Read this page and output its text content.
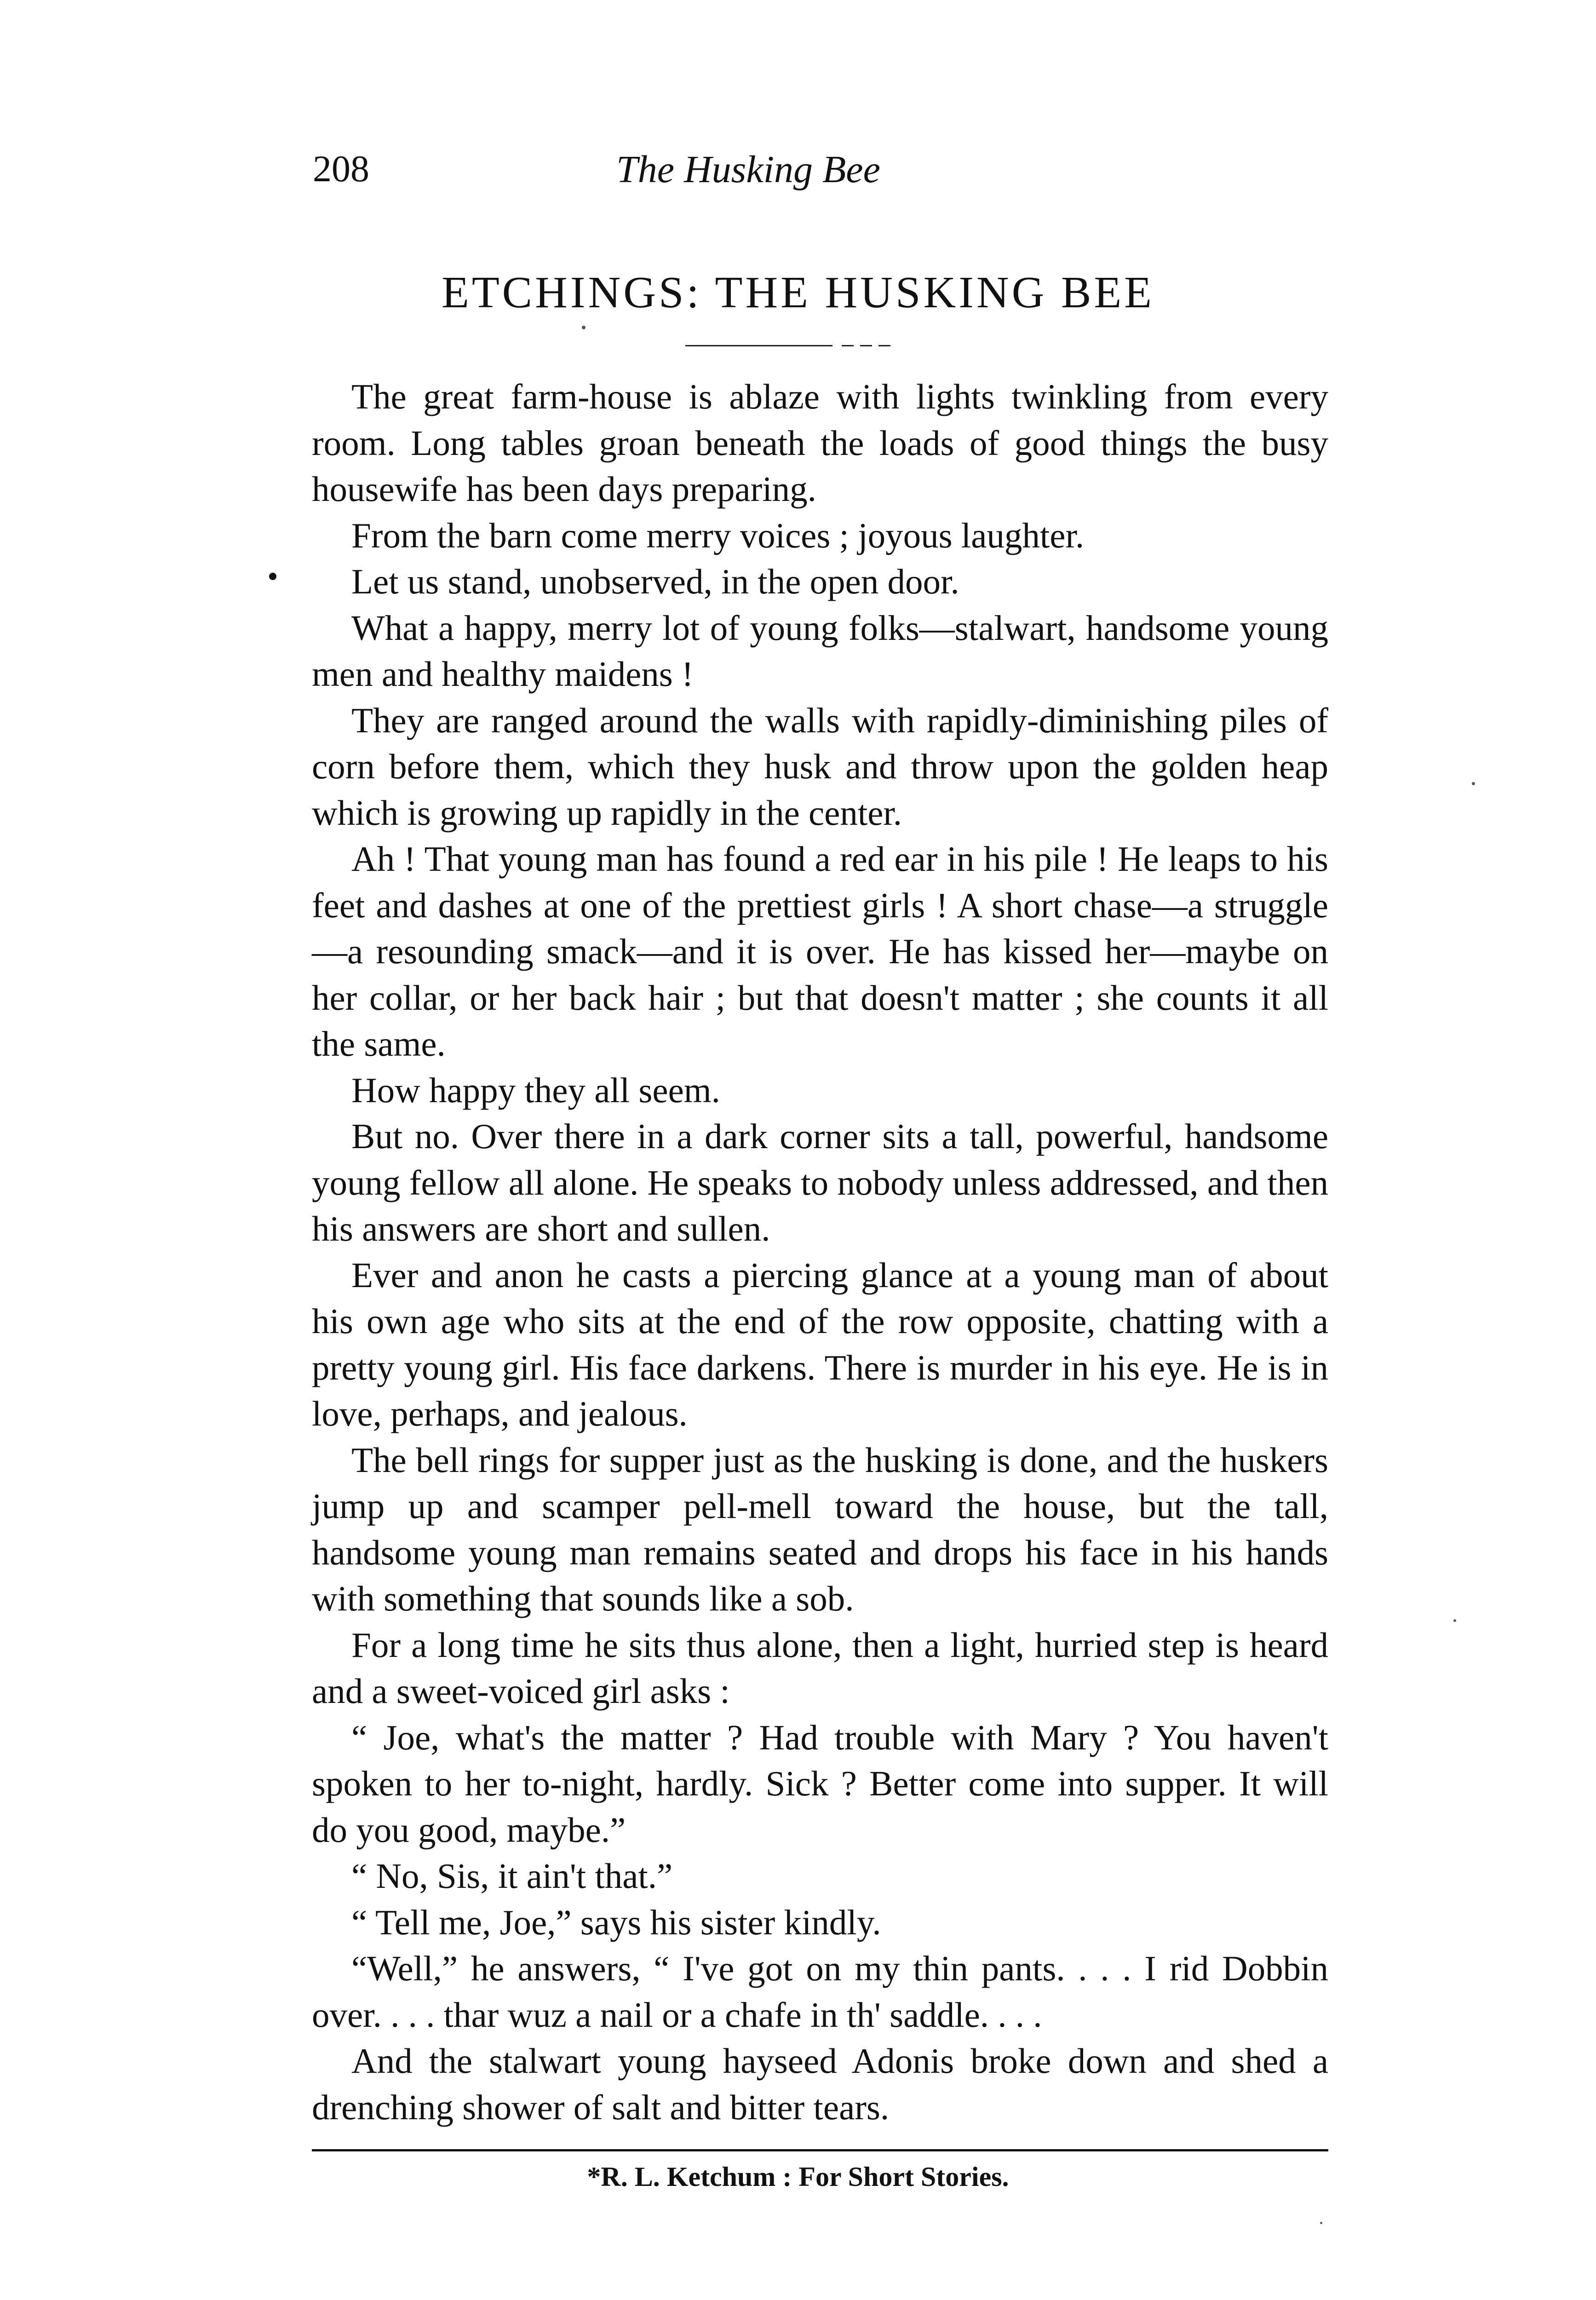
208	The Husking Bee
ETCHINGS: THE HUSKING BEE

The great farm-house is ablaze with lights twinkling from every room. Long tables groan beneath the loads of good things the busy housewife has been days preparing.

From the barn come merry voices ; joyous laughter.

Let us stand, unobserved, in the open door.

What a happy, merry lot of young folks—stalwart, handsome young men and healthy maidens !

They are ranged around the walls with rapidly-diminishing piles of corn before them, which they husk and throw upon the golden heap which is growing up rapidly in the center.

Ah ! That young man has found a red ear in his pile ! He leaps to his feet and dashes at one of the prettiest girls ! A short chase—a struggle—a resounding smack—and it is over. He has kissed her—maybe on her collar, or her back hair ; but that doesn't matter ; she counts it all the same.

How happy they all seem.

But no. Over there in a dark corner sits a tall, powerful, handsome young fellow all alone. He speaks to nobody unless addressed, and then his answers are short and sullen.

Ever and anon he casts a piercing glance at a young man of about his own age who sits at the end of the row opposite, chatting with a pretty young girl. His face darkens. There is murder in his eye. He is in love, perhaps, and jealous.

The bell rings for supper just as the husking is done, and the huskers jump up and scamper pell-mell toward the house, but the tall, handsome young man remains seated and drops his face in his hands with something that sounds like a sob.

For a long time he sits thus alone, then a light, hurried step is heard and a sweet-voiced girl asks :

“ Joe, what's the matter ? Had trouble with Mary ? You haven't spoken to her to-night, hardly. Sick ? Better come into supper. It will do you good, maybe.”

“ No, Sis, it ain't that.”

“ Tell me, Joe,” says his sister kindly.

“Well,” he answers, “ I've got on my thin pants. . . . I rid Dobbin over. . . . thar wuz a nail or a chafe in th' saddle. . . .

And the stalwart young hayseed Adonis broke down and shed a drenching shower of salt and bitter tears.

*R. L. Ketchum : For Short Stories.
